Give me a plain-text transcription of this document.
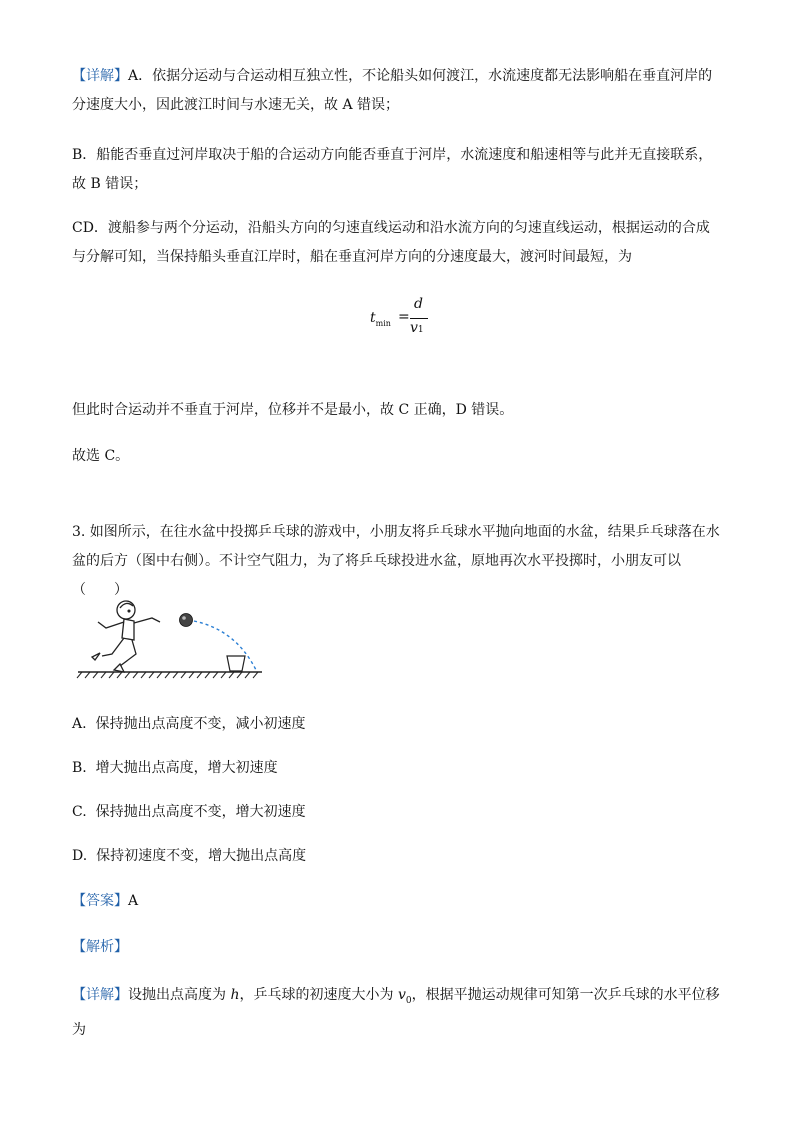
【详解】A．依据分运动与合运动相互独立性，不论船头如何渡江，水流速度都无法影响船在垂直河岸的分速度大小，因此渡江时间与水速无关，故 A 错误；

B．船能否垂直过河岸取决于船的合运动方向能否垂直于河岸，水流速度和船速相等与此并无直接联系，故 B 错误；

CD．渡船参与两个分运动，沿船头方向的匀速直线运动和沿水流方向的匀速直线运动，根据运动的合成与分解可知，当保持船头垂直江岸时，船在垂直河岸方向的分速度最大，渡河时间最短，为

$t_{min}$ =
d
v1

但此时合运动并不垂直于河岸，位移并不是最小，故 C 正确，D 错误。

故选 C。

3. 如图所示，在往水盆中投掷乒乓球的游戏中，小朋友将乒乓球水平抛向地面的水盆，结果乒乓球落在水盆的后方（图中右侧）。不计空气阻力，为了将乒乓球投进水盆，原地再次水平投掷时，小朋友可以（　　）

A. 保持抛出点高度不变，减小初速度
B. 增大抛出点高度，增大初速度
C. 保持抛出点高度不变，增大初速度
D. 保持初速度不变，增大抛出点高度
【答案】A
【解析】

【详解】设抛出点高度为 h，乒乓球的初速度大小为 $v_0$，根据平抛运动规律可知第一次乒乓球的水平位移为
